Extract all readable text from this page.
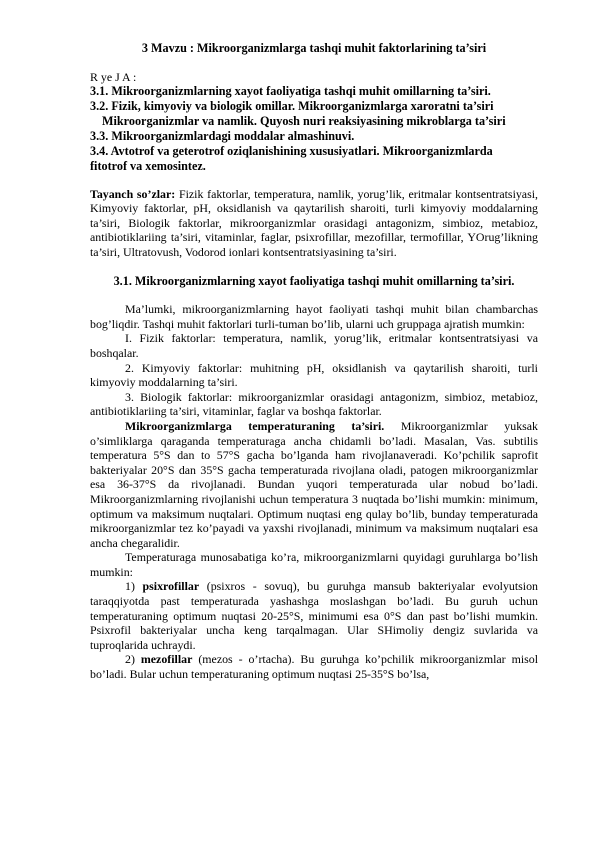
3 Mavzu : Mikroorganizmlarga tashqi muhit faktorlarining ta’siri
R ye J A :
3.1. Mikroorganizmlarning xayot faoliyatiga tashqi muhit omillarning ta’siri.
3.2. Fizik, kimyoviy va biologik omillar. Mikroorganizmlarga xaroratni ta’siri
Mikroorganizmlar va namlik. Quyosh nuri reaksiyasining mikroblarga ta’siri
3.3. Mikroorganizmlardagi moddalar almashinuvi.
3.4. Avtotrof va geterotrof oziqlanishining xususiyatlari. Mikroorganizmlarda
fitotrof va xemosintez.

Tayanch so’zlar: Fizik faktorlar, temperatura, namlik, yorug’lik, eritmalar kontsentratsiyasi, Kimyoviy faktorlar, pH, oksidlanish va qaytarilish sharoiti, turli kimyoviy moddalarning ta’siri, Biologik faktorlar, mikroorganizmlar orasidagi antagonizm, simbioz, metabioz, antibiotiklariing ta’siri, vitaminlar, faglar, psixrofillar, mezofillar, termofillar, YOrug’likning ta’siri, Ultratovush, Vodorod ionlari kontsentratsiyasining ta’siri.

3.1. Mikroorganizmlarning xayot faoliyatiga tashqi muhit omillarning ta’siri.

Ma’lumki, mikroorganizmlarning hayot faoliyati tashqi muhit bilan chambarchas bog’liqdir. Tashqi muhit faktorlari turli-tuman bo’lib, ularni uch gruppaga ajratish mumkin:

I. Fizik faktorlar: temperatura, namlik, yorug’lik, eritmalar kontsentratsiyasi va boshqalar.

2. Kimyoviy faktorlar: muhitning pH, oksidlanish va qaytarilish sharoiti, turli kimyoviy moddalarning ta’siri.

3. Biologik faktorlar: mikroorganizmlar orasidagi antagonizm, simbioz, metabioz, antibiotiklariing ta’siri, vitaminlar, faglar va boshqa faktorlar.

Mikroorganizmlarga temperaturaning ta’siri. Mikroorganizmlar yuksak o’simliklarga qaraganda temperaturaga ancha chidamli bo’ladi. Masalan, Vas. subtilis temperatura 5°S dan to 57°S gacha bo’lganda ham rivojlanaveradi. Ko’pchilik saprofit bakteriyalar 20°S dan 35°S gacha temperaturada rivojlana oladi, patogen mikroorganizmlar esa 36-37°S da rivojlanadi. Bundan yuqori temperaturada ular nobud bo’ladi. Mikroorganizmlarning rivojlanishi uchun temperatura 3 nuqtada bo’lishi mumkin: minimum, optimum va maksimum nuqtalari. Optimum nuqtasi eng qulay bo’lib, bunday temperaturada mikroorganizmlar tez ko’payadi va yaxshi rivojlanadi, minimum va maksimum nuqtalari esa ancha chegaralidir.

Temperaturaga munosabatiga ko’ra, mikroorganizmlarni quyidagi guruhlarga bo’lish mumkin:

1) psixrofillar (psixros - sovuq), bu guruhga mansub bakteriyalar evolyutsion taraqqiyotda past temperaturada yashashga moslashgan bo’ladi. Bu guruh uchun temperaturaning optimum nuqtasi 20-25°S, minimumi esa 0°S dan past bo’lishi mumkin. Psixrofil bakteriyalar uncha keng tarqalmagan. Ular SHimoliy dengiz suvlarida va tuproqlarida uchraydi.

2) mezofillar (mezos - o’rtacha). Bu guruhga ko’pchilik mikroorganizmlar misol bo’ladi. Bular uchun temperaturaning optimum nuqtasi 25-35°S bo’lsa,
